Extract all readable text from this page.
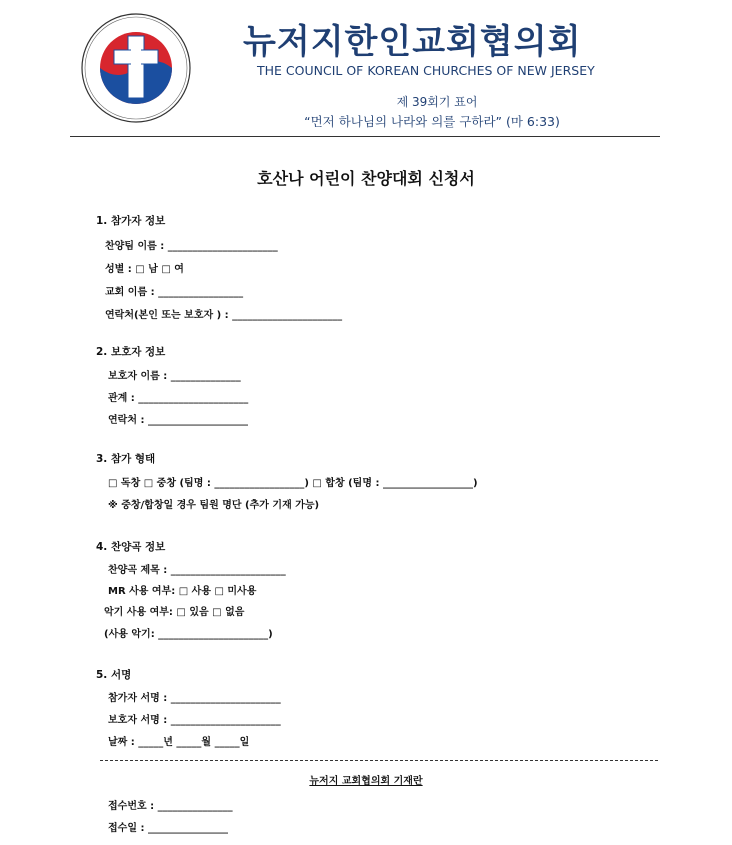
뉴저지한인교회협의회
THE COUNCIL OF KOREAN CHURCHES OF NEW JERSEY
제 39회기 표어
“먼저 하나님의 나라와 의를 구하라” (마 6:33)
호산나 어린이 찬양대회 신청서
1. 참가자 정보
찬양팀 이름 : ______________________
성별 : □ 남 □ 여
교회 이름 : _________________
연락처(본인 또는 보호자 ) : ______________________
2. 보호자 정보
보호자 이름 : ______________
관계 : ______________________
연락처 : ____________________
3. 참가 형태
□ 독창 □ 중창 (팀명 : __________________) □ 합창 (팀명 : __________________)
※ 중창/합창일 경우 팀원 명단 (추가 기재 가능)
4. 찬양곡 정보
찬양곡 제목 : _______________________
MR 사용 여부: □ 사용 □ 미사용
악기 사용 여부: □ 있음 □ 없음
(사용 악기: ______________________)
5. 서명
참가자 서명 : ______________________
보호자 서명 : ______________________
날짜 : _____년 _____월 _____일
뉴저지 교회협의회 기재란
접수번호 : _______________
접수일 : ________________
